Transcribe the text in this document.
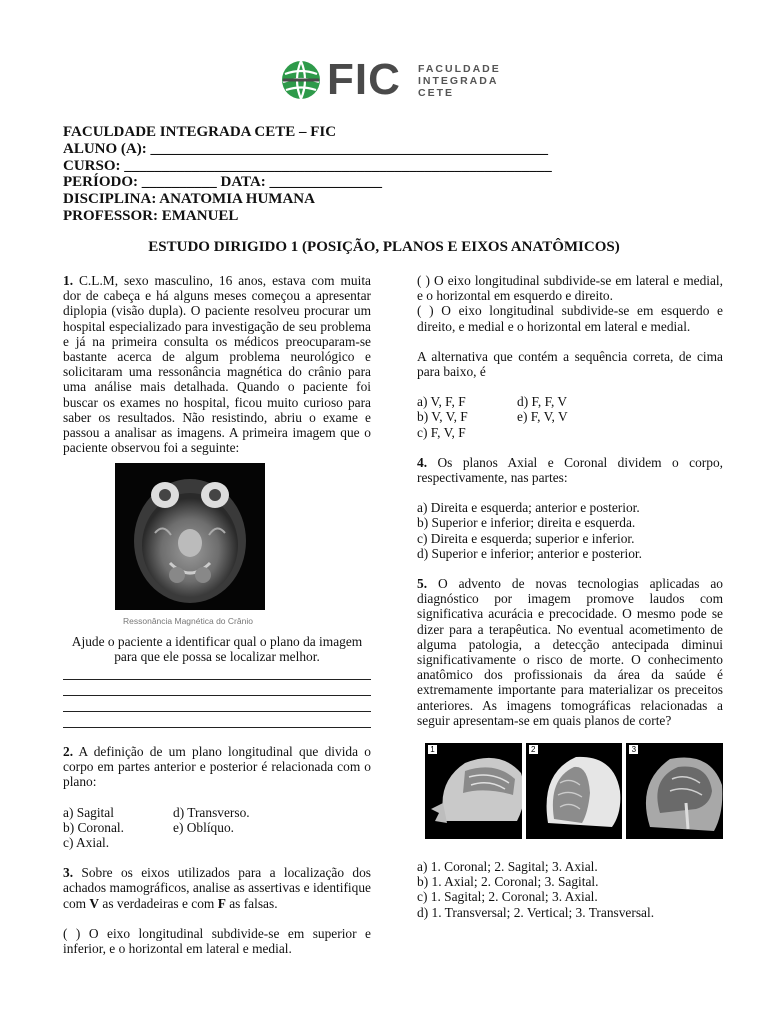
FIC FACULDADE
INTEGRADA
CETE
FACULDADE INTEGRADA CETE – FIC
ALUNO (A): _____________________________________________________
CURSO: _________________________________________________________
PERÍODO: __________ DATA: _______________
DISCIPLINA: ANATOMIA HUMANA
PROFESSOR: EMANUEL
ESTUDO DIRIGIDO 1 (POSIÇÃO, PLANOS E EIXOS ANATÔMICOS)

1. C.L.M, sexo masculino, 16 anos, estava com muita dor de cabeça e há alguns meses começou a apresentar diplopia (visão dupla). O paciente resolveu procurar um hospital especializado para investigação de seu problema e já na primeira consulta os médicos preocuparam-se bastante acerca de algum problema neurológico e solicitaram uma ressonância magnética do crânio para uma análise mais detalhada. Quando o paciente foi buscar os exames no hospital, ficou muito curioso para saber os resultados. Não resistindo, abriu o exame e passou a analisar as imagens. A primeira imagem que o paciente observou foi a seguinte:

Ressonância Magnética do Crânio

Ajude o paciente a identificar qual o plano da imagem para que ele possa se localizar melhor.

2. A definição de um plano longitudinal que divida o corpo em partes anterior e posterior é relacionada com o plano:

a) Sagital	d) Transverso.
b) Coronal.	e) Oblíquo.
c) Axial.

3. Sobre os eixos utilizados para a localização dos achados mamográficos, analise as assertivas e identifique com V as verdadeiras e com F as falsas.

( ) O eixo longitudinal subdivide-se em superior e inferior, e o horizontal em lateral e medial.

( ) O eixo longitudinal subdivide-se em lateral e medial, e o horizontal em esquerdo e direito.

( ) O eixo longitudinal subdivide-se em esquerdo e direito, e medial e o horizontal em lateral e medial.

A alternativa que contém a sequência correta, de cima para baixo, é

a) V, F, F	d) F, F, V
b) V, V, F	e) F, V, V
c) F, V, F

4. Os planos Axial e Coronal dividem o corpo, respectivamente, nas partes:

a) Direita e esquerda; anterior e posterior.
b) Superior e inferior; direita e esquerda.
c) Direita e esquerda; superior e inferior.
d) Superior e inferior; anterior e posterior.

5. O advento de novas tecnologias aplicadas ao diagnóstico por imagem promove laudos com significativa acurácia e precocidade. O mesmo pode se dizer para a terapêutica. No eventual acometimento de alguma patologia, a detecção antecipada diminui significativamente o risco de morte. O conhecimento anatômico dos profissionais da área da saúde é extremamente importante para materializar os preceitos anteriores. As imagens tomográficas relacionadas a seguir apresentam-se em quais planos de corte?

1	2	3
a) 1. Coronal; 2. Sagital; 3. Axial.
b) 1. Axial; 2. Coronal; 3. Sagital.
c) 1. Sagital; 2. Coronal; 3. Axial.
d) 1. Transversal; 2. Vertical; 3. Transversal.
